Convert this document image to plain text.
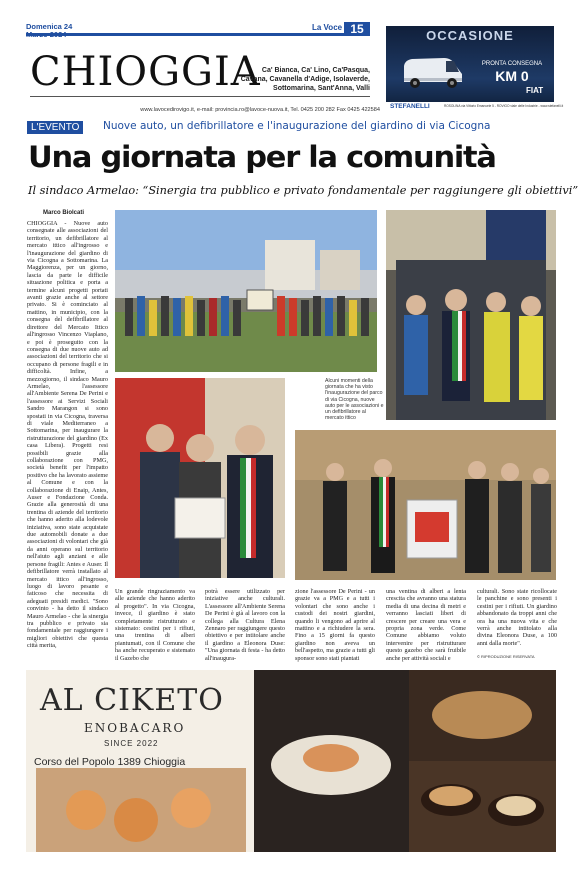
Domenica 24	La Voce 15
CHIOGGIA Ca' Bianca, Ca' Lino, Ca'Pasqua,
Cavana, Cavanella d'Adige, Isolaverde,
Sottomarina, Sant'Anna, Valli
www.lavocedirovigo.it, e-mail: provincia.ro@lavoce-nuova.it, Tel. 0425 200 282 Fax 0425 422584
OCCASIONE
PRONTA CONSEGNA
KM 0
FIAT
STEFANELLI	ROSOLINA via Vittorio Emanuele 5 - ROVIGO viale delle Industrie - www.stefanelli.it
L'EVENTO	Nuove auto, un defibrillatore e l'inaugurazione del giardino di via Cicogna
Una giornata per la comunità
Il sindaco Armelao: “Sinergia tra pubblico e privato fondamentale per raggiungere gli obiettivi”
Marco Biolcati
CHIOGGIA - Nuove auto consegnate alle associazioni del territorio, un defibrillatore al mercato ittico all'ingrosso e l'inaugurazione del giardino di via Cicogna a Sottomarina. La Maggiorenza, per un giorno, lascia da parte le difficile situazione politica e porta a termine alcuni progetti portati avanti grazie anche al settore privato. Si è cominciato al mattino, in municipio, con la consegna del defibrillatore al direttore del Mercato Ittico all'ingrosso Vincenzo Viaplano, e poi è proseguito con la consegna di due nuove auto ad associazioni del territorio che si occupano di persone fragili e in difficoltà. Infine, a mezzogiorno, il sindaco Mauro Armelao, l'assessore all'Ambiente Serena De Perini e l'assessore ai Servizi Sociali Sandro Marangon si sono spostati in via Cicogna, traversa di viale Mediterraneo a Sottomarina, per inaugurare la ristrutturazione del giardino (Ex casa Libera). Progetti resi possibili grazie alla collaborazione con PMG, società benefit per l'impatto positivo che ha lavorato assieme al Comune e con la collaborazione di Enaip, Antes, Auser e Fondazione Conda. Grazie alla generosità di una trentina di aziende del territorio che hanno aderito alla lodevole iniziativa, sono state acquistate due automobili donate a due associazioni di volontari che già da anni operano sul territorio nell'aiuto agli anziani e alle persone fragili: Antes e Auser. Il defibrillatore verrà installato al mercato ittico all'ingrosso, luogo di lavoro pesante e faticoso che necessita di adeguati presidi medici. "Sono convinto - ha detto il sindaco Mauro Armelao - che la sinergia tra pubblico e privato sia fondamentale per raggiungere i migliori obiettivi che questa città merita,
Un grande ringraziamento va alle aziende che hanno aderito al progetto". In via Cicogna, invece, il giardino è stato completamente ristrutturato e sistemato: cestini per i rifiuti, una trentina di alberi piantumati, con il Comune che ha anche recuperato e sistemato il Gazebo che
potrà essere utilizzato per iniziative anche culturali. L'assessore all'Ambiente Serena De Perini è già al lavoro con la collega alla Cultura Elena Zennaro per raggiungere questo obiettivo e per intitolare anche il giardino a Eleonora Duse: "Una giornata di festa - ha detto all'inaugura-
zione l'assessore De Perini - un grazie va a PMG e a tutti i volontari che sono anche i custodi dei nostri giardini, quando li vengono ad aprire al mattino e a richiudere la sera. Fino a 15 giorni fa questo giardino non aveva un bell'aspetto, ma grazie a tutti gli sponsor sono stati piantati
una ventina di alberi a lenta crescita che avranno una statura media di una decina di metri e verranno lasciati liberi di crescere per creare una vera e propria zona verde. Come Comune abbiamo voluto intervenire per ristrutturare questo gazebo che sarà fruibile anche per attività sociali e
culturali. Sono state ricollocate le panchine e sono presenti i cestini per i rifiuti. Un giardino abbandonato da troppi anni che ora ha una nuova vita e che verrà anche intitolato alla divina Eleonora Duse, a 100 anni dalla morte".
Alcuni momenti della giornata che ha visto l'inaugurazione del parco di via Cicogna, nuove auto per le associazioni e un defibrillatore al mercato ittico
© RIPRODUZIONE RISERVATA
AL CIKETO
ENOBACARO
SINCE 2022
Corso del Popolo 1389 Chioggia
